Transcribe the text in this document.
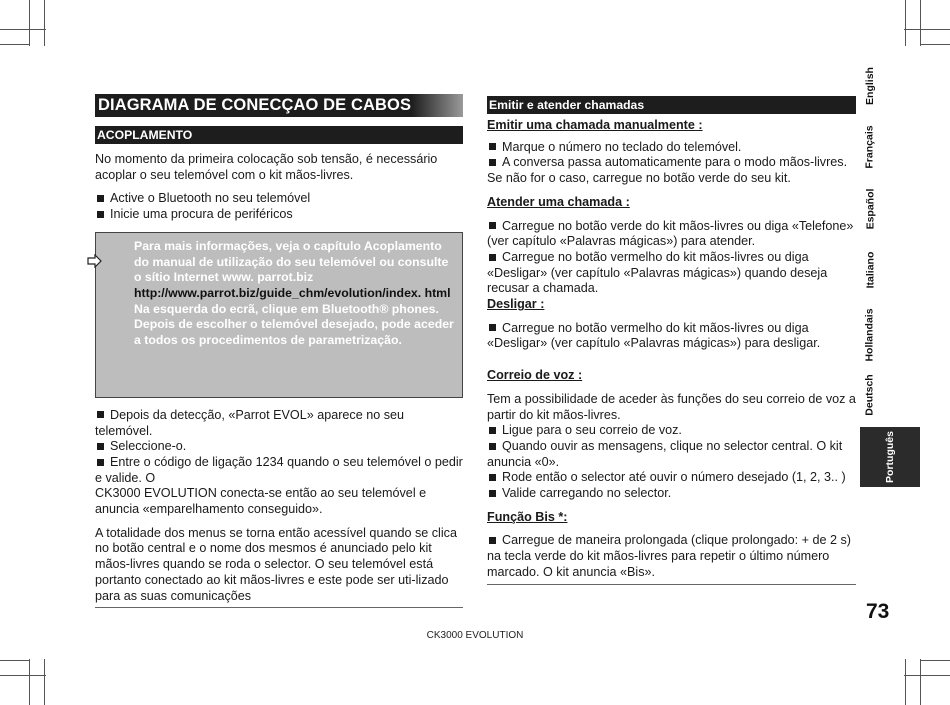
English
Français
Español
Italiano
Hollandais
Deutsch
Português
73
CK3000 EVOLUTION
DIAGRAMA DE CONECÇAO DE CABOS
ACOPLAMENTO

No momento da primeira colocação sob tensão, é necessário acoplar o seu telemóvel com o kit mãos-livres.

Active o Bluetooth no seu telemóvel

Inicie uma procura de periféricos

Para mais informações, veja o capítulo Acoplamento do manual de utilização do seu telemóvel ou consulte o sítio Internet www. parrot.biz

http://www.parrot.biz/guide_chm/evolution/index. html

Na esquerda do ecrã, clique em Bluetooth® phones. Depois de escolher o telemóvel desejado, pode aceder a todos os procedimentos de parametrização.

Depois da detecção, «Parrot EVOL» aparece no seu telemóvel.

Seleccione-o.

Entre o código de ligação 1234 quando o seu telemóvel o pedir e valide. O

CK3000 EVOLUTION conecta-se então ao seu telemóvel e anuncia «emparelhamento conseguido».

A totalidade dos menus se torna então acessível quando se clica no botão central e o nome dos mesmos é anunciado pelo kit mãos-livres quando se roda o selector. O seu telemóvel está portanto conectado ao kit mãos-livres e este pode ser uti-lizado para as suas comunicações

Emitir e atender chamadas

Emitir uma chamada manualmente :

Marque o número no teclado do telemóvel.

A conversa passa automaticamente para o modo mãos-livres. Se não for o caso, carregue no botão verde do seu kit.

Atender uma chamada :

Carregue no botão verde do kit mãos-livres ou diga «Telefone» (ver capítulo «Palavras mágicas») para atender.

Carregue no botão vermelho do kit mãos-livres ou diga «Desligar» (ver capítulo «Palavras mágicas») quando deseja recusar a chamada.

Desligar :

Carregue no botão vermelho do kit mãos-livres ou diga «Desligar» (ver capítulo «Palavras mágicas») para desligar.

Correio de voz :

Tem a possibilidade de aceder às funções do seu correio de voz a partir do kit mãos-livres.

Ligue para o seu correio de voz.

Quando ouvir as mensagens, clique no selector central. O kit anuncia «0».

Rode então o selector até ouvir o número desejado (1, 2, 3.. )

Valide carregando no selector.

Função Bis *:

Carregue de maneira prolongada (clique prolongado: + de 2 s) na tecla verde do kit mãos-livres para repetir o último número marcado. O kit anuncia «Bis».
